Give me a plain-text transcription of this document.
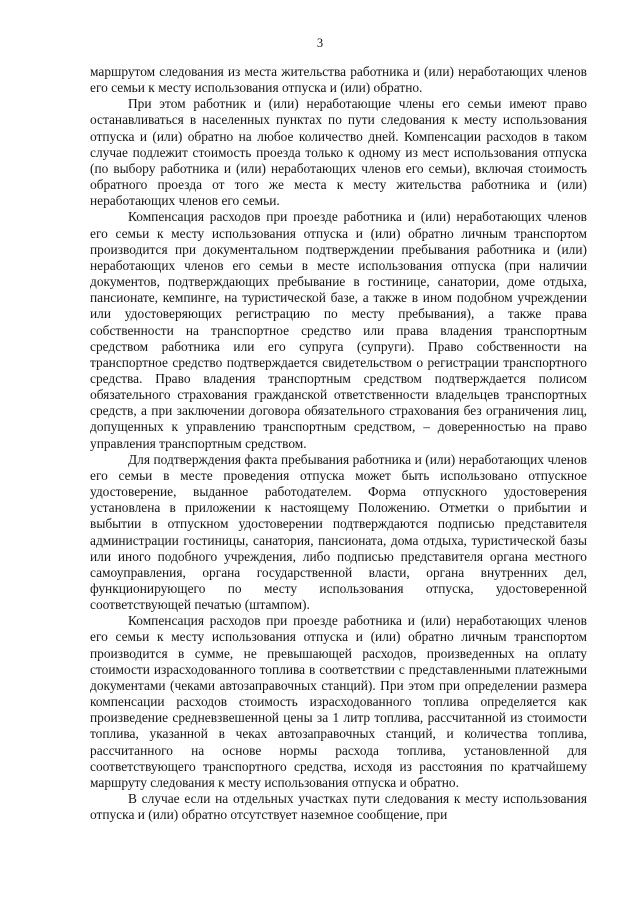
3

маршрутом следования из места жительства работника и (или) неработающих членов его семьи к месту использования отпуска и (или) обратно.

При этом работник и (или) неработающие члены его семьи имеют право останавливаться в населенных пунктах по пути следования к месту использования отпуска и (или) обратно на любое количество дней. Компенсации расходов в таком случае подлежит стоимость проезда только к одному из мест использования отпуска (по выбору работника и (или) неработающих членов его семьи), включая стоимость обратного проезда от того же места к месту жительства работника и (или) неработающих членов его семьи.

Компенсация расходов при проезде работника и (или) неработающих членов его семьи к месту использования отпуска и (или) обратно личным транспортом производится при документальном подтверждении пребывания работника и (или) неработающих членов его семьи в месте использования отпуска (при наличии документов, подтверждающих пребывание в гостинице, санатории, доме отдыха, пансионате, кемпинге, на туристической базе, а также в ином подобном учреждении или удостоверяющих регистрацию по месту пребывания), а также права собственности на транспортное средство или права владения транспортным средством работника или его супруга (супруги). Право собственности на транспортное средство подтверждается свидетельством о регистрации транспортного средства. Право владения транспортным средством подтверждается полисом обязательного страхования гражданской ответственности владельцев транспортных средств, а при заключении договора обязательного страхования без ограничения лиц, допущенных к управлению транспортным средством, – доверенностью на право управления транспортным средством.

Для подтверждения факта пребывания работника и (или) неработающих членов его семьи в месте проведения отпуска может быть использовано отпускное удостоверение, выданное работодателем. Форма отпускного удостоверения установлена в приложении к настоящему Положению. Отметки о прибытии и выбытии в отпускном удостоверении подтверждаются подписью представителя администрации гостиницы, санатория, пансионата, дома отдыха, туристической базы или иного подобного учреждения, либо подписью представителя органа местного самоуправления, органа государственной власти, органа внутренних дел, функционирующего по месту использования отпуска, удостоверенной соответствующей печатью (штампом).

Компенсация расходов при проезде работника и (или) неработающих членов его семьи к месту использования отпуска и (или) обратно личным транспортом производится в сумме, не превышающей расходов, произведенных на оплату стоимости израсходованного топлива в соответствии с представленными платежными документами (чеками автозаправочных станций). При этом при определении размера компенсации расходов стоимость израсходованного топлива определяется как произведение средневзвешенной цены за 1 литр топлива, рассчитанной из стоимости топлива, указанной в чеках автозаправочных станций, и количества топлива, рассчитанного на основе нормы расхода топлива, установленной для соответствующего транспортного средства, исходя из расстояния по кратчайшему маршруту следования к месту использования отпуска и обратно.

В случае если на отдельных участках пути следования к месту использования отпуска и (или) обратно отсутствует наземное сообщение, при
